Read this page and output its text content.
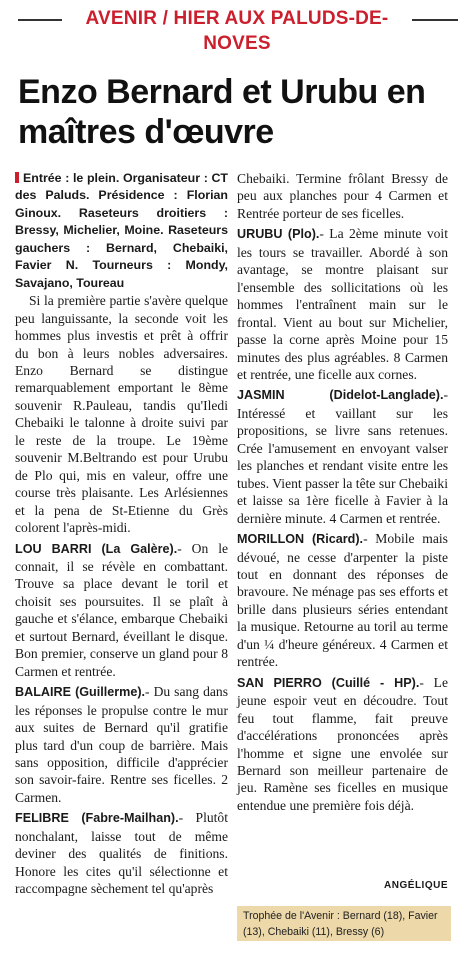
AVENIR / HIER AUX PALUDS-DE-NOVES
Enzo Bernard et Urubu en maîtres d'œuvre

Entrée : le plein. Organisateur : CT des Paluds. Présidence : Florian Ginoux. Raseteurs droitiers : Bressy, Michelier, Moine. Raseteurs gauchers : Bernard, Chebaiki, Favier N. Tourneurs : Mondy, Savajano, Toureau

Si la première partie s'avère quelque peu languissante, la seconde voit les hommes plus investis et prêt à offrir du bon à leurs nobles adversaires. Enzo Bernard se distingue remarquablement emportant le 8ème souvenir R.Pauleau, tandis qu'Iledi Chebaiki le talonne à droite suivi par le reste de la troupe. Le 19ème souvenir M.Beltrando est pour Urubu de Plo qui, mis en valeur, offre une course très plaisante. Les Arlésiennes et la pena de St-Etienne du Grès colorent l'après-midi.

LOU BARRI (La Galère).- On le connait, il se révèle en combattant. Trouve sa place devant le toril et choisit ses poursuites. Il se plaît à gauche et s'élance, embarque Chebaiki et surtout Bernard, éveillant le disque. Bon premier, conserve un gland pour 8 Carmen et rentrée.

BALAIRE (Guillerme).- Du sang dans les réponses le propulse contre le mur aux suites de Bernard qu'il gratifie plus tard d'un coup de barrière. Mais sans opposition, difficile d'apprécier son savoir-faire. Rentre ses ficelles. 2 Carmen.

FELIBRE (Fabre-Mailhan).- Plutôt nonchalant, laisse tout de même deviner des qualités de finitions. Honore les cites qu'il sélectionne et raccompagne sèchement tel qu'après

Chebaiki. Termine frôlant Bressy de peu aux planches pour 4 Carmen et Rentrée porteur de ses ficelles.

URUBU (Plo).- La 2ème minute voit les tours se travailler. Abordé à son avantage, se montre plaisant sur l'ensemble des sollicitations où les hommes l'entraînent main sur le frontal. Vient au bout sur Michelier, passe la corne après Moine pour 15 minutes des plus agréables. 8 Carmen et rentrée, une ficelle aux cornes.

JASMIN (Didelot-Langlade).- Intéressé et vaillant sur les propositions, se livre sans retenues. Crée l'amusement en envoyant valser les planches et rendant visite entre les tubes. Vient passer la tête sur Chebaiki et laisse sa 1ère ficelle à Favier à la dernière minute. 4 Carmen et rentrée.

MORILLON (Ricard).- Mobile mais dévoué, ne cesse d'arpenter la piste tout en donnant des réponses de bravoure. Ne ménage pas ses efforts et brille dans plusieurs séries entendant la musique. Retourne au toril au terme d'un ¼ d'heure généreux. 4 Carmen et rentrée.

SAN PIERRO (Cuillé - HP).- Le jeune espoir veut en découdre. Tout feu tout flamme, fait preuve d'accélérations prononcées après l'homme et signe une envolée sur Bernard son meilleur partenaire de jeu. Ramène ses ficelles en musique entendue une première fois déjà.

ANGÉLIQUE
Trophée de l'Avenir : Bernard (18), Favier (13), Chebaiki (11), Bressy (6)
